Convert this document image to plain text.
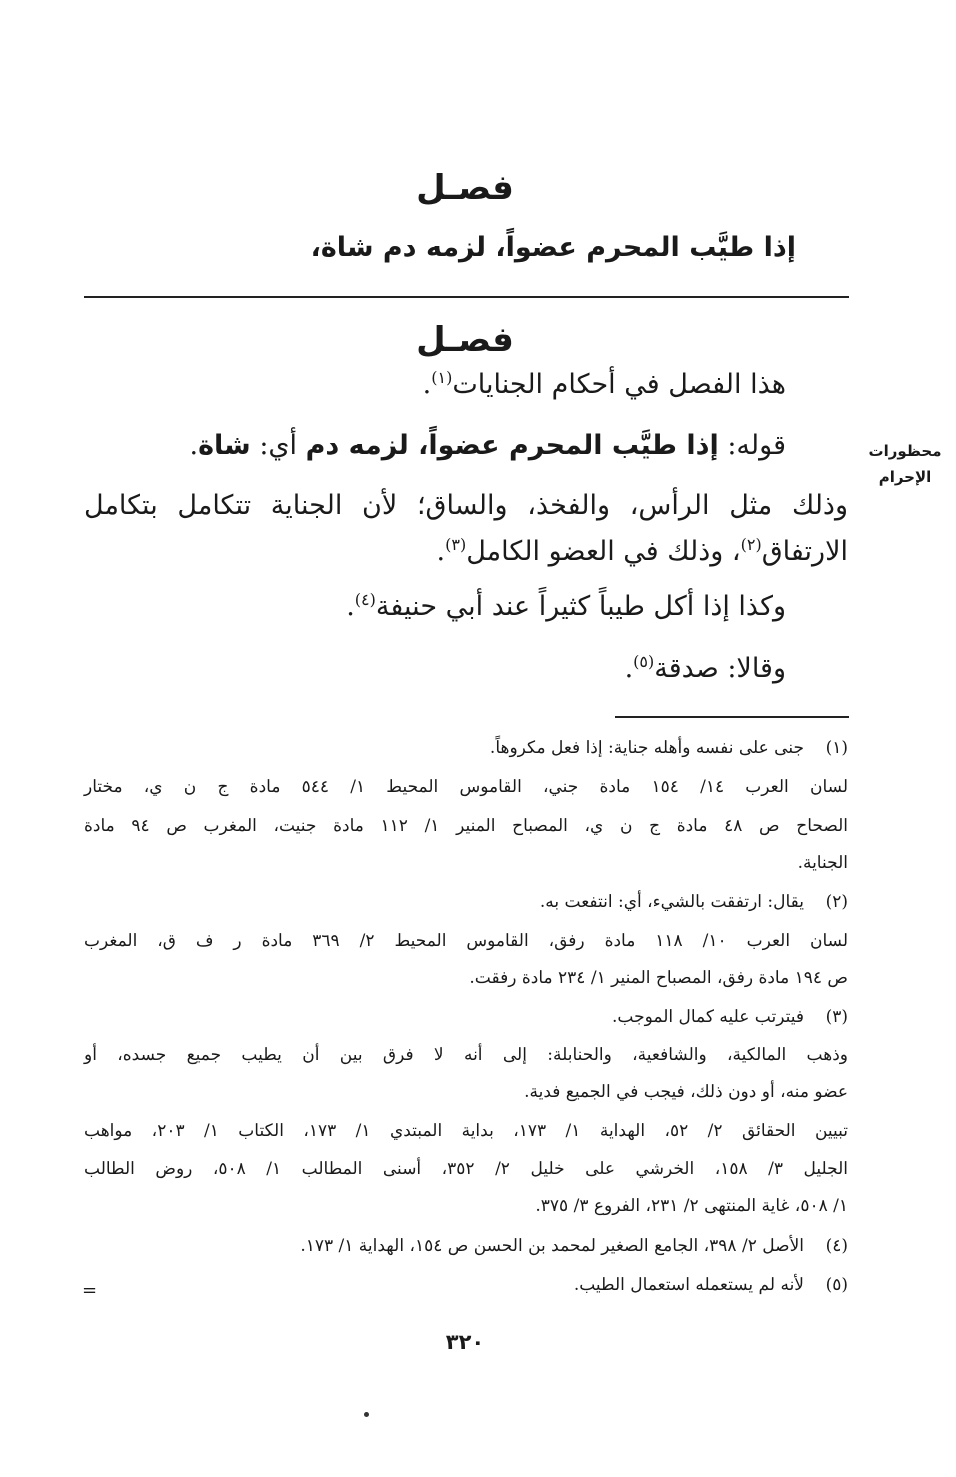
فصـل
إذا طيَّب المحرم عضواً، لزمه دم شاة،
فصـل
محظورات
الإحرام
هذا الفصل في أحكام الجنايات$^{(١)}$.
قوله: إذا طيَّب المحرم عضواً، لزمه دم أي: شاة.
وذلك مثل الرأس، والفخذ، والساق؛ لأن الجناية تتكامل بتكامل
الارتفاق$^{(٢)}$، وذلك في العضو الكامل$^{(٣)}$.
وكذا إذا أكل طيباً كثيراً عند أبي حنيفة$^{(٤)}$.
وقالا: صدقة$^{(٥)}$.
(١)
جنى على نفسه وأهله جناية: إذا فعل مكروهاً.
لسان العرب ١٤/ ١٥٤ مادة جني، القاموس المحيط ١/ ٥٤٤ مادة ج ن ي، مختار
الصحاح ص ٤٨ مادة ج ن ي، المصباح المنير ١/ ١١٢ مادة جنيت، المغرب ص ٩٤ مادة
الجناية.
(٢)
يقال: ارتفقت بالشيء، أي: انتفعت به.
لسان العرب ١٠/ ١١٨ مادة رفق، القاموس المحيط ٢/ ٣٦٩ مادة ر ف ق، المغرب
ص ١٩٤ مادة رفق، المصباح المنير ١/ ٢٣٤ مادة رفقت.
(٣)
فيترتب عليه كمال الموجب.
وذهب المالكية، والشافعية، والحنابلة: إلى أنه لا فرق بين أن يطيب جميع جسده، أو
عضو منه، أو دون ذلك، فيجب في الجميع فدية.
تبيين الحقائق ٢/ ٥٢، الهداية ١/ ١٧٣، بداية المبتدي ١/ ١٧٣، الكتاب ١/ ٢٠٣، مواهب
الجليل ٣/ ١٥٨، الخرشي على خليل ٢/ ٣٥٢، أسنى المطالب ١/ ٥٠٨، روض الطالب
١/ ٥٠٨، غاية المنتهى ٢/ ٢٣١، الفروع ٣/ ٣٧٥.
(٤)
الأصل ٢/ ٣٩٨، الجامع الصغير لمحمد بن الحسن ص ١٥٤، الهداية ١/ ١٧٣.
(٥)
لأنه لم يستعمله استعمال الطيب.
=
٣٢٠
